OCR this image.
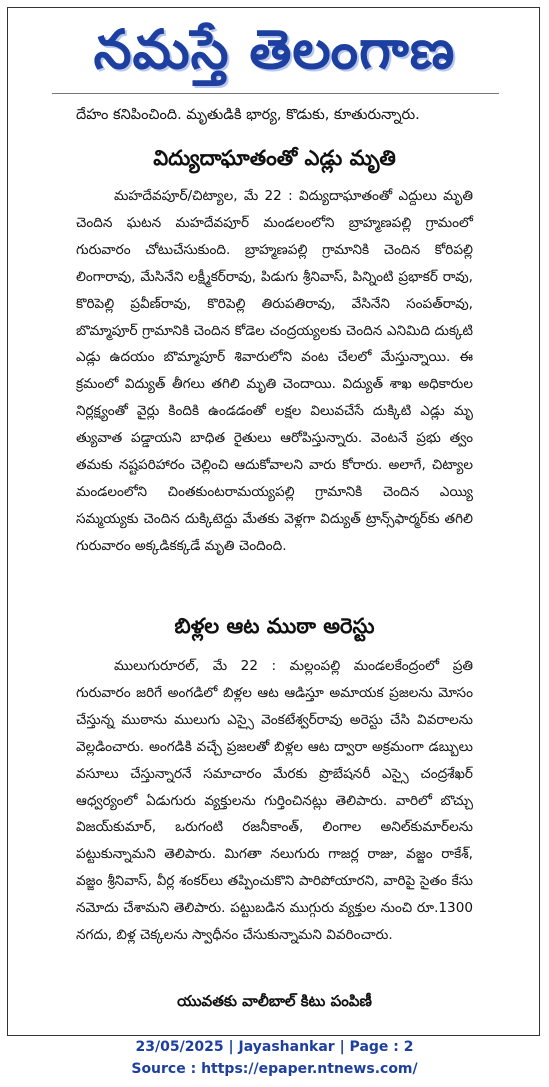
నమస్తే తెలంగాణ
దేహం కనిపించింది. మృతుడికి భార్య, కొడుకు, కూతురున్నారు.
విద్యుదాఘాతంతో ఎడ్లు మృతి
మహదేవపూర్/చిట్యాల, మే 22 : విద్యుదాఘాతంతో ఎద్దులు మృతి చెందిన ఘటన మహదేవపూర్ మండలంలోని బ్రాహ్మణపల్లి గ్రామంలో గురువారం చోటుచేసుకుంది. బ్రాహ్మణపల్లి గ్రామానికి చెందిన కోరిపల్లి లింగారావు, మేసినేని లక్ష్మీకర్‌రావు, పిడుగు శ్రీనివాస్, పిన్నింటి ప్రభాకర్ రావు, కొరిపెల్లి ప్రవీణ్‌రావు, కొరిపెల్లి తిరుపతిరావు, వేసినేని సంపత్‌రావు, బొమ్మాపూర్ గ్రామానికి చెందిన కోడెల చంద్రయ్యలకు చెందిన ఎనిమిది దుక్కటి ఎడ్లు ఉదయం బొమ్మాపూర్ శివారులోని వంట చేలలో మేస్తున్నాయి. ఈ క్రమంలో విద్యుత్ తీగలు తగిలి మృతి చెందాయి. విద్యుత్ శాఖ అధికారుల నిర్లక్ష్యంతో వైర్లు కిందికి ఉండడంతో లక్షల విలువచేసే దుక్కిటి ఎడ్లు మృ త్యువాత పడ్డాయని బాధిత రైతులు ఆరోపిస్తున్నారు. వెంటనే ప్రభు త్వం తమకు నష్టపరిహారం చెల్లించి ఆదుకోవాలని వారు కోరారు. అలాగే, చిట్యాల మండలంలోని చింతకుంటరామయ్యపల్లి గ్రామానికి చెందిన ఎయ్యి సమ్మయ్యకు చెందిన దుక్కిటెద్దు మేతకు వెళ్లగా విద్యుత్ ట్రాన్స్‌ఫార్మర్‌కు తగిలి గురువారం అక్కడికక్కడే మృతి చెందింది.
బిళ్లల ఆట ముఠా అరెస్టు
ములుగురూరల్, మే 22 : మల్లంపల్లి మండలకేంద్రంలో ప్రతి గురువారం జరిగే అంగడిలో బిళ్లల ఆట ఆడిస్తూ అమాయక ప్రజలను మోసం చేస్తున్న ముఠాను ములుగు ఎస్సై వెంకటేశ్వర్‌రావు అరెస్టు చేసి వివరాలను వెల్లడించారు. అంగడికి వచ్చే ప్రజలతో బిళ్లల ఆట ద్వారా అక్రమంగా డబ్బులు వసూలు చేస్తున్నారనే సమాచారం మేరకు ప్రొబేషనరీ ఎస్సై చంద్రశేఖర్ ఆధ్వర్యంలో ఏడుగురు వ్యక్తులను గుర్తించినట్లు తెలిపారు. వారిలో బొచ్చు విజయ్‌కుమార్, ఒరుగంటి రజనీకాంత్, లింగాల అనిల్‌కుమార్‌లను పట్టుకున్నామని తెలిపారు. మిగతా నలుగురు గాజర్ల రాజు, వజ్జం రాకేశ్, వజ్జం శ్రీనివాస్, వీర్ల శంకర్‌లు తప్పించుకొని పారిపోయారని, వారిపై సైతం కేసు నమోదు చేశామని తెలిపారు. పట్టుబడిన ముగ్గురు వ్యక్తుల నుంచి రూ.1300 నగదు, బిళ్ల చెక్కలను స్వాధీనం చేసుకున్నామని వివరించారు.
యువతకు వాలీబాల్ కిటు పంపిణీ
23/05/2025 | Jayashankar | Page : 2
Source : https://epaper.ntnews.com/
